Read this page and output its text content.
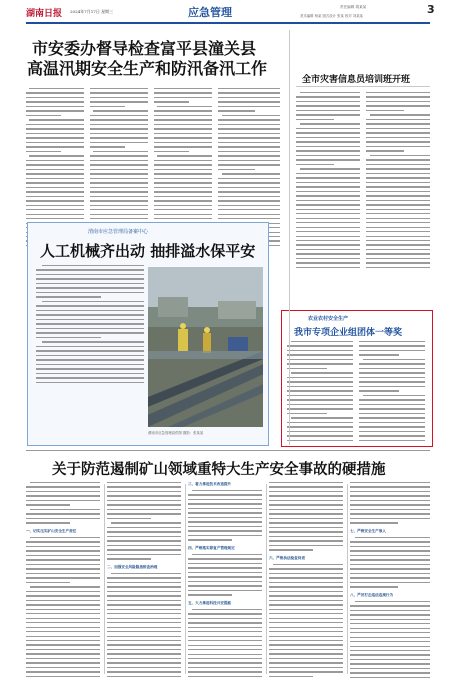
湖南日报 2024年7月17日 星期三	应急管理	责任编辑 胡某某
美术编辑 杨某 版式设计 张某 校对 刘某某	3
市安委办督导检查富平县潼关县
高温汛期安全生产和防汛备汛工作
渭南市应急管理局备案中心
人工机械齐出动 抽排溢水保平安
渭南市应急管理局供图 摄影：张某某
全市灾害信息员培训班开班
农业农村安全生产
我市专项企业组团体一等奖
关于防范遏制矿山领域重特大生产安全事故的硬措施
一、切实压实矿山安全生产责任
二、加强安全风险隐患排查治理
三、着力推进技术改造提升
四、严格落实停复产管理规定
五、大力推进科技兴安提能
六、严格执法检查问责
七、严格安全生产准入
八、严厉打击违法违规行为
